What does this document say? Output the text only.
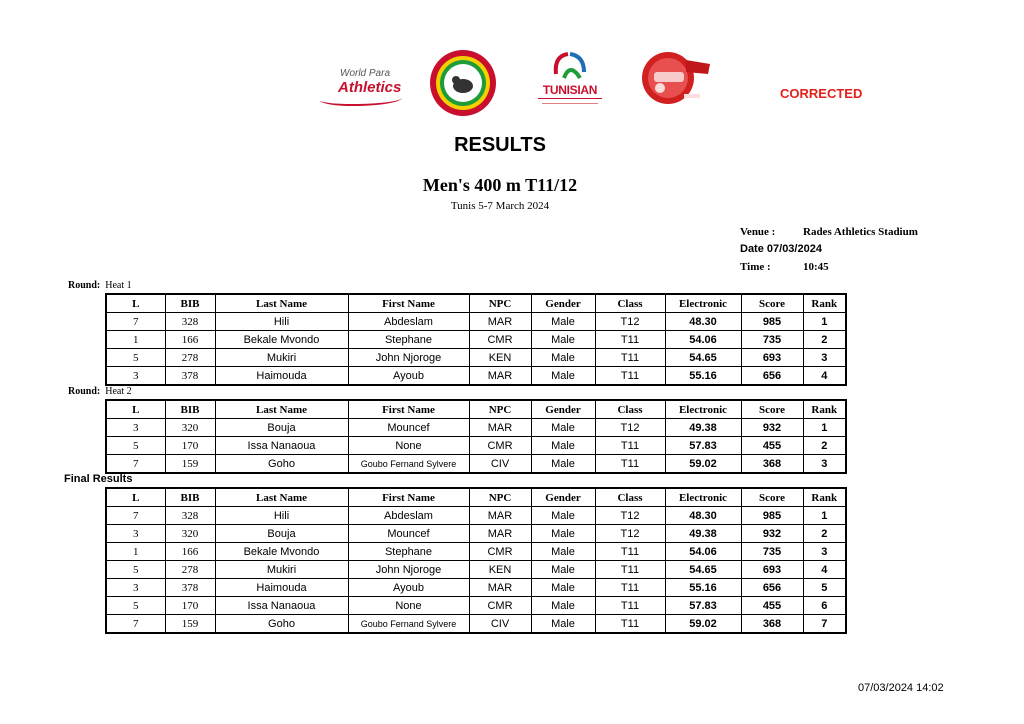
World Para
Athletics	TUNISIAN	CORRECTED
RESULTS
Men's 400 m T11/12
Tunis 5-7 March 2024
Venue :	Rades Athletics Stadium
Date 07/03/2024
Time :	10:45
Round: Heat 1
L	BIB	Last Name	First Name	NPC	Gender	Class	Electronic	Score	Rank
7	328	Hili	Abdeslam	MAR	Male	T12	48.30	985	1
1	166	Bekale Mvondo	Stephane	CMR	Male	T11	54.06	735	2
5	278	Mukiri	John Njoroge	KEN	Male	T11	54.65	693	3
3	378	Haimouda	Ayoub	MAR	Male	T11	55.16	656	4
Round: Heat 2
L	BIB	Last Name	First Name	NPC	Gender	Class	Electronic	Score	Rank
3	320	Bouja	Mouncef	MAR	Male	T12	49.38	932	1
5	170	Issa Nanaoua	None	CMR	Male	T11	57.83	455	2
7	159	Goho	Goubo Fernand Sylvere	CIV	Male	T11	59.02	368	3
Final Results
L	BIB	Last Name	First Name	NPC	Gender	Class	Electronic	Score	Rank
7	328	Hili	Abdeslam	MAR	Male	T12	48.30	985	1
3	320	Bouja	Mouncef	MAR	Male	T12	49.38	932	2
1	166	Bekale Mvondo	Stephane	CMR	Male	T11	54.06	735	3
5	278	Mukiri	John Njoroge	KEN	Male	T11	54.65	693	4
3	378	Haimouda	Ayoub	MAR	Male	T11	55.16	656	5
5	170	Issa Nanaoua	None	CMR	Male	T11	57.83	455	6
7	159	Goho	Goubo Fernand Sylvere	CIV	Male	T11	59.02	368	7
07/03/2024 14:02
